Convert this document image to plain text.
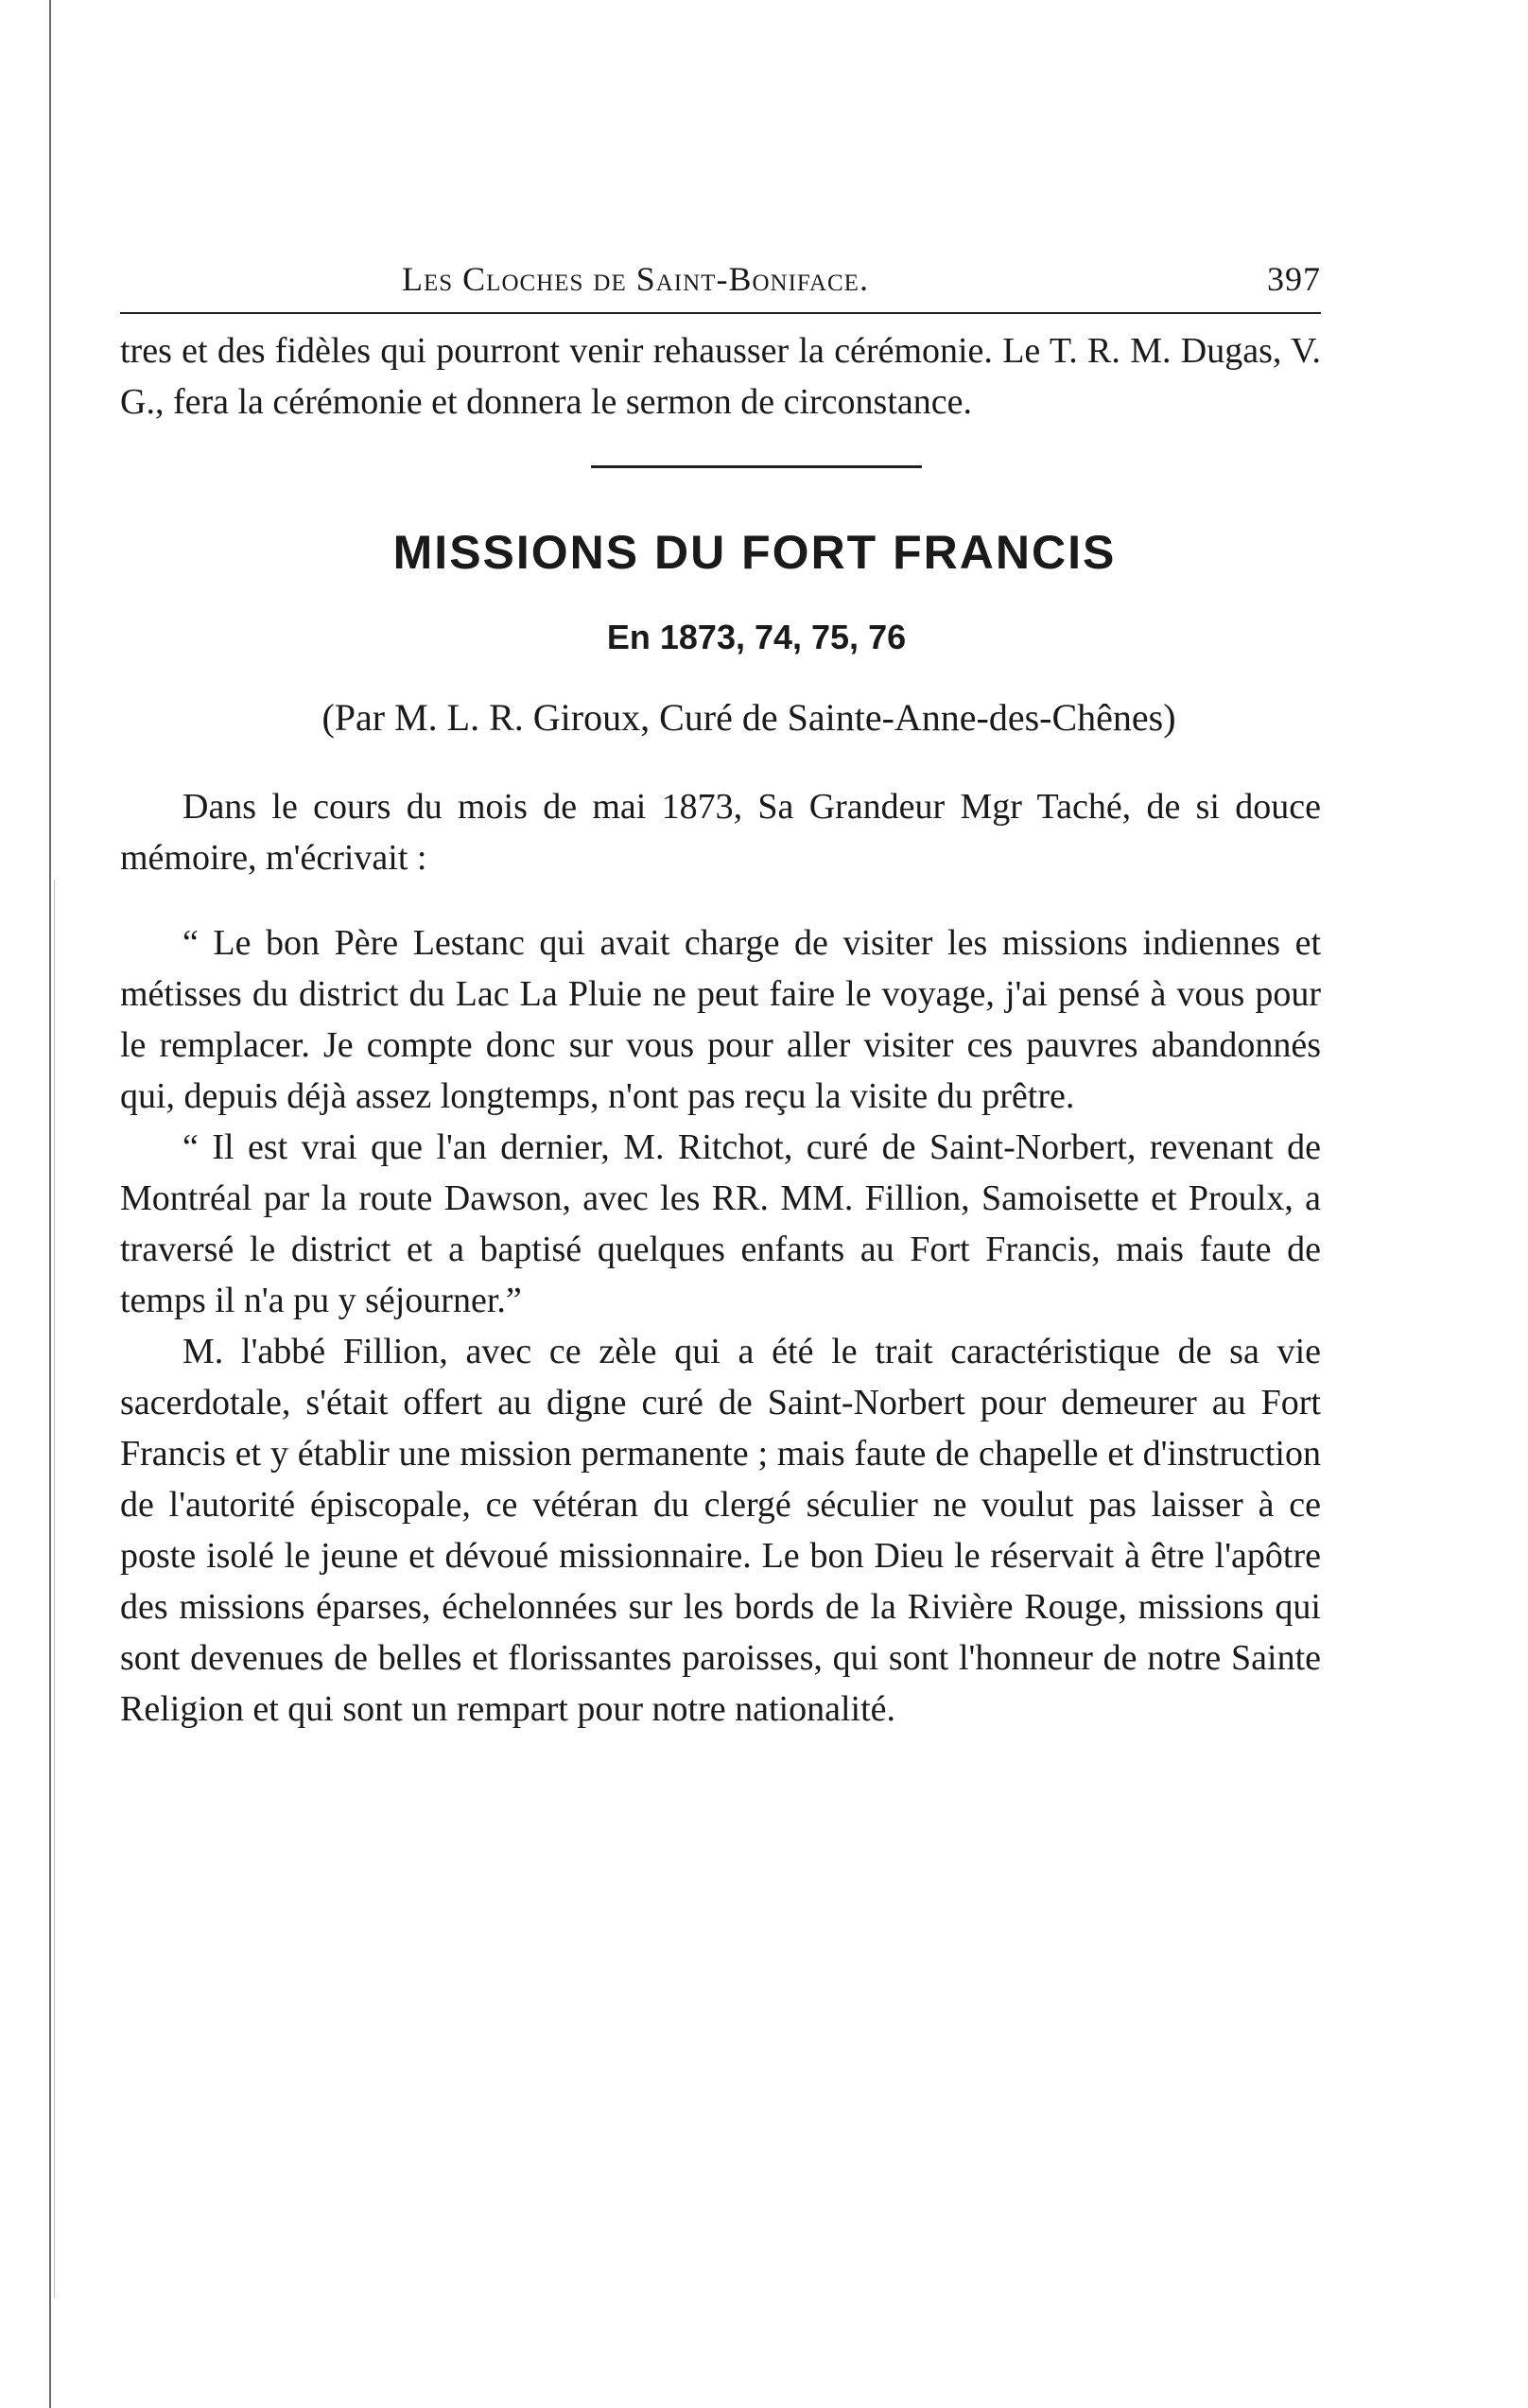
Les Cloches de Saint-Boniface.	397

tres et des fidèles qui pourront venir rehausser la cérémonie. Le T. R. M. Dugas, V. G., fera la cérémonie et donnera le sermon de circonstance.

MISSIONS DU FORT FRANCIS
En 1873, 74, 75, 76
(Par M. L. R. Giroux, Curé de Sainte-Anne-des-Chênes)

Dans le cours du mois de mai 1873, Sa Grandeur Mgr Taché, de si douce mémoire, m'écrivait :

“ Le bon Père Lestanc qui avait charge de visiter les missions indiennes et métisses du district du Lac La Pluie ne peut faire le voyage, j'ai pensé à vous pour le remplacer. Je compte donc sur vous pour aller visiter ces pauvres abandonnés qui, depuis déjà assez longtemps, n'ont pas reçu la visite du prêtre.

“ Il est vrai que l'an dernier, M. Ritchot, curé de Saint-Norbert, revenant de Montréal par la route Dawson, avec les RR. MM. Fillion, Samoisette et Proulx, a traversé le district et a baptisé quelques enfants au Fort Francis, mais faute de temps il n'a pu y séjourner.”

M. l'abbé Fillion, avec ce zèle qui a été le trait caractéristique de sa vie sacerdotale, s'était offert au digne curé de Saint-Norbert pour demeurer au Fort Francis et y établir une mission permanente ; mais faute de chapelle et d'instruction de l'autorité épiscopale, ce vétéran du clergé séculier ne voulut pas laisser à ce poste isolé le jeune et dévoué missionnaire. Le bon Dieu le réservait à être l'apôtre des missions éparses, échelonnées sur les bords de la Rivière Rouge, missions qui sont devenues de belles et florissantes paroisses, qui sont l'honneur de notre Sainte Religion et qui sont un rempart pour notre nationalité.
